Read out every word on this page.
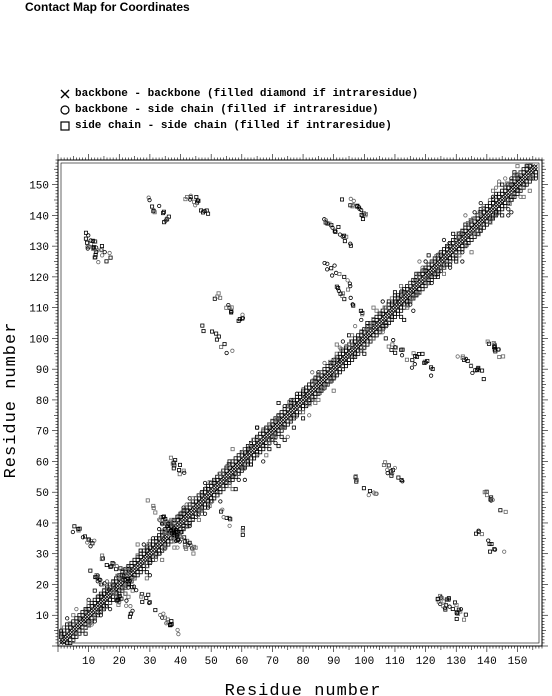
Contact Map for Coordinates
backbone - backbone (filled diamond if intraresidue)
backbone - side chain (filled if intraresidue)
side chain - side chain (filled if intraresidue)
10 20 30 40 50 60 70 80 90 100 110 120 130 140 150
10
20
30
40
50
60
70
80
90
100
110
120
130
140
150
Residue number
Residue number
